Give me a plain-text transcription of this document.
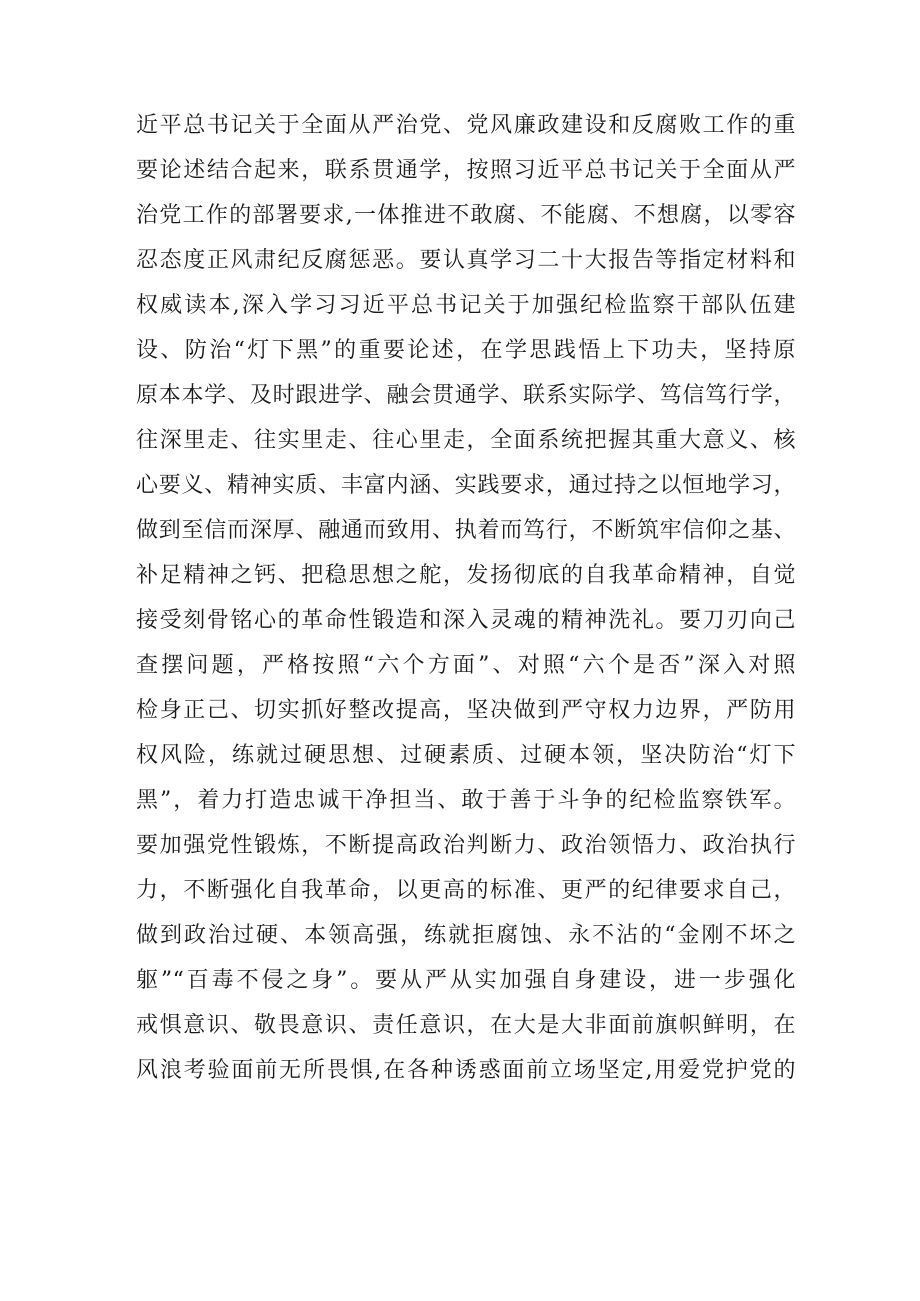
近平总书记关于全面从严治党、党风廉政建设和反腐败工作的重
要论述结合起来，联系贯通学，按照习近平总书记关于全面从严
治党工作的部署要求,一体推进不敢腐、不能腐、不想腐，以零容
忍态度正风肃纪反腐惩恶。要认真学习二十大报告等指定材料和
权威读本,深入学习习近平总书记关于加强纪检监察干部队伍建
设、防治“灯下黑”的重要论述，在学思践悟上下功夫，坚持原
原本本学、及时跟进学、融会贯通学、联系实际学、笃信笃行学，
往深里走、往实里走、往心里走，全面系统把握其重大意义、核
心要义、精神实质、丰富内涵、实践要求，通过持之以恒地学习，
做到至信而深厚、融通而致用、执着而笃行，不断筑牢信仰之基、
补足精神之钙、把稳思想之舵，发扬彻底的自我革命精神，自觉
接受刻骨铭心的革命性锻造和深入灵魂的精神洗礼。要刀刃向己
查摆问题，严格按照“六个方面”、对照“六个是否”深入对照
检身正己、切实抓好整改提高，坚决做到严守权力边界，严防用
权风险，练就过硬思想、过硬素质、过硬本领，坚决防治“灯下
黑”，着力打造忠诚干净担当、敢于善于斗争的纪检监察铁军。
要加强党性锻炼，不断提高政治判断力、政治领悟力、政治执行
力，不断强化自我革命，以更高的标准、更严的纪律要求自己，
做到政治过硬、本领高强，练就拒腐蚀、永不沾的“金刚不坏之
躯”“百毒不侵之身”。要从严从实加强自身建设，进一步强化
戒惧意识、敬畏意识、责任意识，在大是大非面前旗帜鲜明，在
风浪考验面前无所畏惧,在各种诱惑面前立场坚定,用爱党护党的
